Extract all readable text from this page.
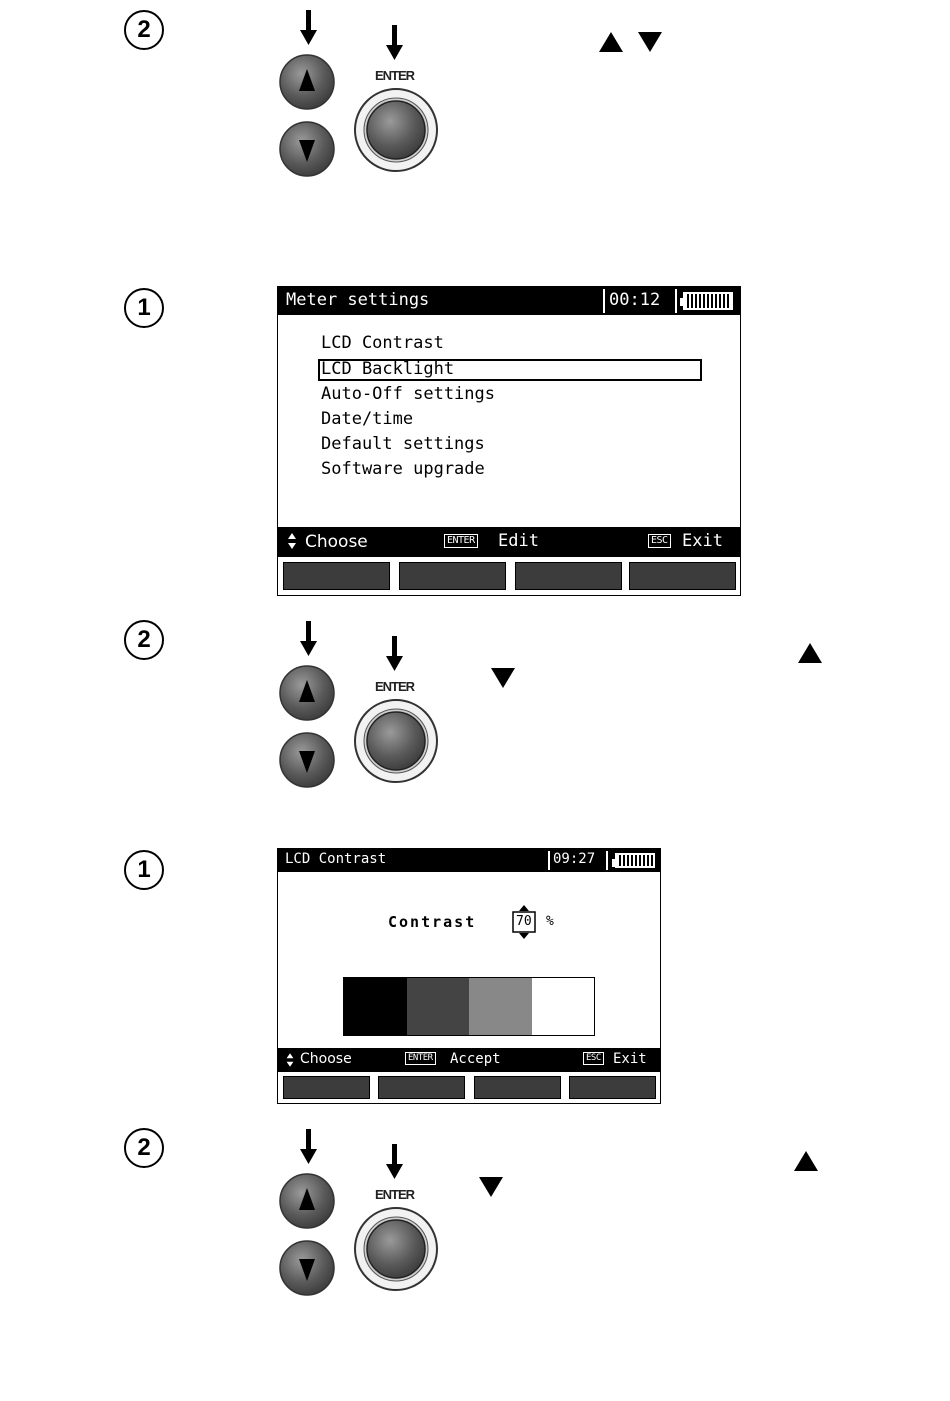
2
ENTER
1	Meter settings	00:12
LCD Contrast
LCD Backlight
Auto-Off settings
Date/time
Default settings
Software upgrade
Choose	ENTER Edit	ESC Exit
2
ENTER
1	LCD Contrast	09:27
Contrast	70 %
Choose	ENTER Accept	ESC Exit
2
ENTER
